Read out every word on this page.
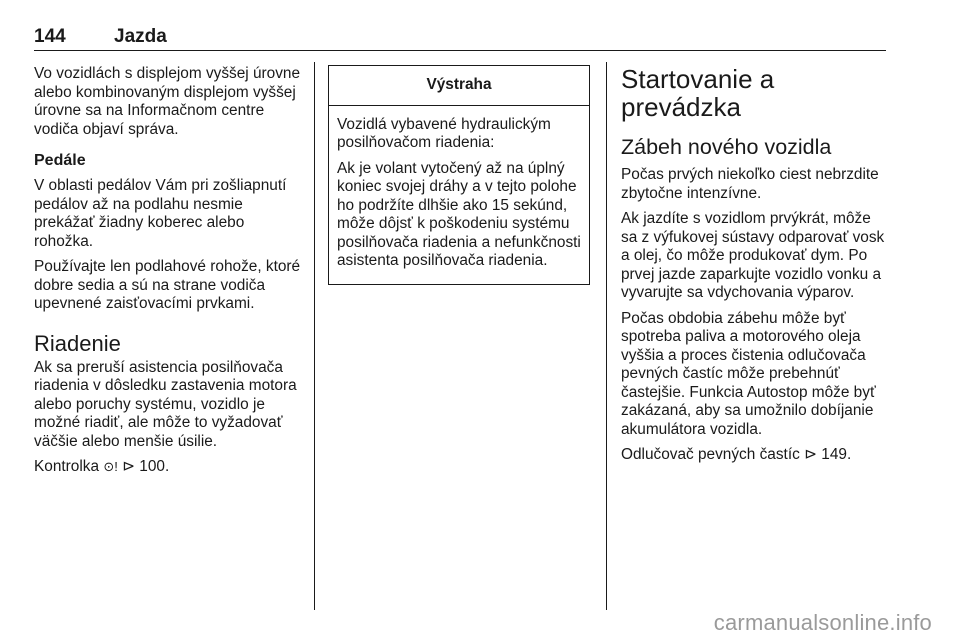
144	Jazda

Vo vozidlách s displejom vyššej úrovne alebo kombinovaným displejom vyššej úrovne sa na Informačnom centre vodiča objaví správa.

Pedále

V oblasti pedálov Vám pri zošliapnutí pedálov až na podlahu nesmie prekážať žiadny koberec alebo rohožka.

Používajte len podlahové rohože, ktoré dobre sedia a sú na strane vodiča upevnené zaisťovacími prvkami.

Riadenie

Ak sa preruší asistencia posilňovača riadenia v dôsledku zastavenia motora alebo poruchy systému, vozidlo je možné riadiť, ale môže to vyžadovať väčšie alebo menšie úsilie.

Kontrolka ⊙! ⊳ 100.

Výstraha

Vozidlá vybavené hydraulickým posilňovačom riadenia:

Ak je volant vytočený až na úplný koniec svojej dráhy a v tejto polohe ho podržíte dlhšie ako 15 sekúnd, môže dôjsť k poškodeniu systému posilňovača riadenia a nefunkčnosti asistenta posilňovača riadenia.

Startovanie a prevádzka
Zábeh nového vozidla

Počas prvých niekoľko ciest nebrzdite zbytočne intenzívne.

Ak jazdíte s vozidlom prvýkrát, môže sa z výfukovej sústavy odparovať vosk a olej, čo môže produkovať dym. Po prvej jazde zaparkujte vozidlo vonku a vyvarujte sa vdychovania výparov.

Počas obdobia zábehu môže byť spotreba paliva a motorového oleja vyššia a proces čistenia odlučovača pevných častíc môže prebehnúť častejšie. Funkcia Autostop môže byť zakázaná, aby sa umožnilo dobíjanie akumulátora vozidla.

Odlučovač pevných častíc ⊳ 149.

carmanualsonline.info
